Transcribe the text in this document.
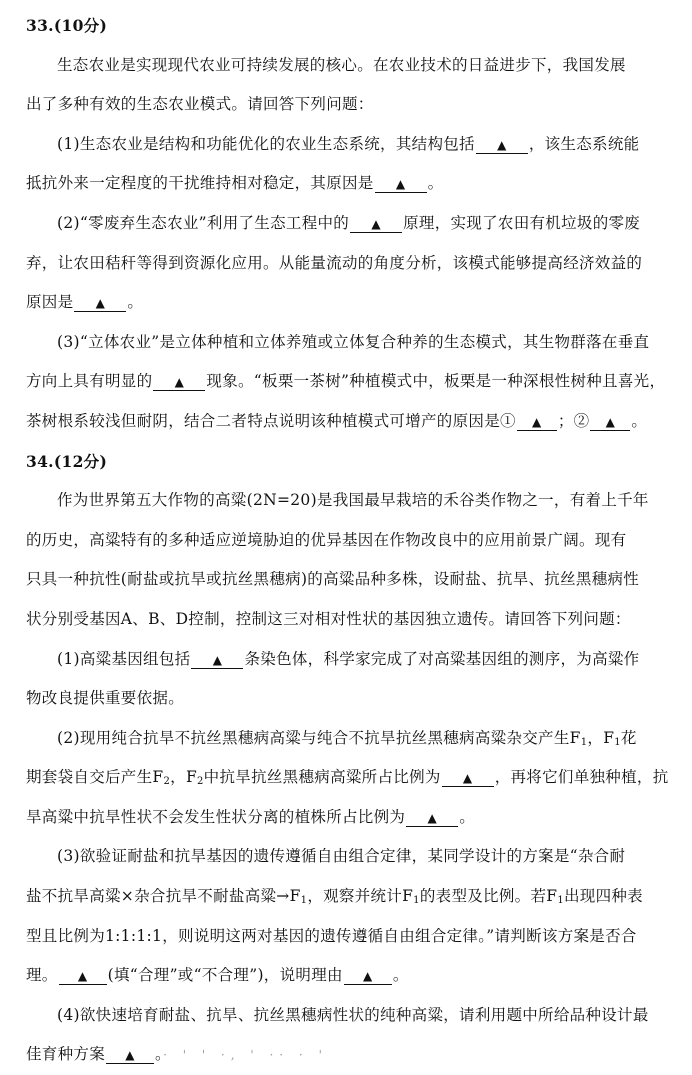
33.(10分)
生态农业是实现现代农业可持续发展的核心。在农业技术的日益进步下，我国发展
出了多种有效的生态农业模式。请回答下列问题：
(1)生态农业是结构和功能优化的农业生态系统，其结构包括 ▲ ，该生态系统能
抵抗外来一定程度的干扰维持相对稳定，其原因是 ▲ 。
(2)“零废弃生态农业”利用了生态工程中的 ▲ 原理，实现了农田有机垃圾的零废
弃，让农田秸秆等得到资源化应用。从能量流动的角度分析，该模式能够提高经济效益的
原因是 ▲ 。
(3)“立体农业”是立体种植和立体养殖或立体复合种养的生态模式，其生物群落在垂直
方向上具有明显的 ▲ 现象。“板栗一茶树”种植模式中，板栗是一种深根性树种且喜光，
茶树根系较浅但耐阴，结合二者特点说明该种植模式可增产的原因是① ▲ ；② ▲ 。
34.(12分)
作为世界第五大作物的高粱(2N=20)是我国最早栽培的禾谷类作物之一，有着上千年
的历史，高粱特有的多种适应逆境胁迫的优异基因在作物改良中的应用前景广阔。现有
只具一种抗性(耐盐或抗旱或抗丝黑穗病)的高粱品种多株，设耐盐、抗旱、抗丝黑穗病性
状分别受基因A、B、D控制，控制这三对相对性状的基因独立遗传。请回答下列问题：
(1)高粱基因组包括 ▲ 条染色体，科学家完成了对高粱基因组的测序，为高粱作
物改良提供重要依据。
(2)现用纯合抗旱不抗丝黑穗病高粱与纯合不抗旱抗丝黑穗病高粱杂交产生$F_1$，$F_1$花
期套袋自交后产生$F_2$，$F_2$中抗旱抗丝黑穗病高粱所占比例为 ▲ ，再将它们单独种植，抗
旱高粱中抗旱性状不会发生性状分离的植株所占比例为 ▲ 。
(3)欲验证耐盐和抗旱基因的遗传遵循自由组合定律，某同学设计的方案是“杂合耐
盐不抗旱高粱×杂合抗旱不耐盐高粱$\to F_1$，观察并统计$F_1$的表型及比例。若$F_1$出现四种表
型且比例为1:1:1:1，则说明这两对基因的遗传遵循自由组合定律。”请判断该方案是否合
理。 ▲ (填“合理”或“不合理”)，说明理由 ▲ 。
(4)欲快速培育耐盐、抗旱、抗丝黑穗病性状的纯种高粱，请利用题中所给品种设计最
佳育种方案 ▲ 。· ' ' ·, ' ·· · '
